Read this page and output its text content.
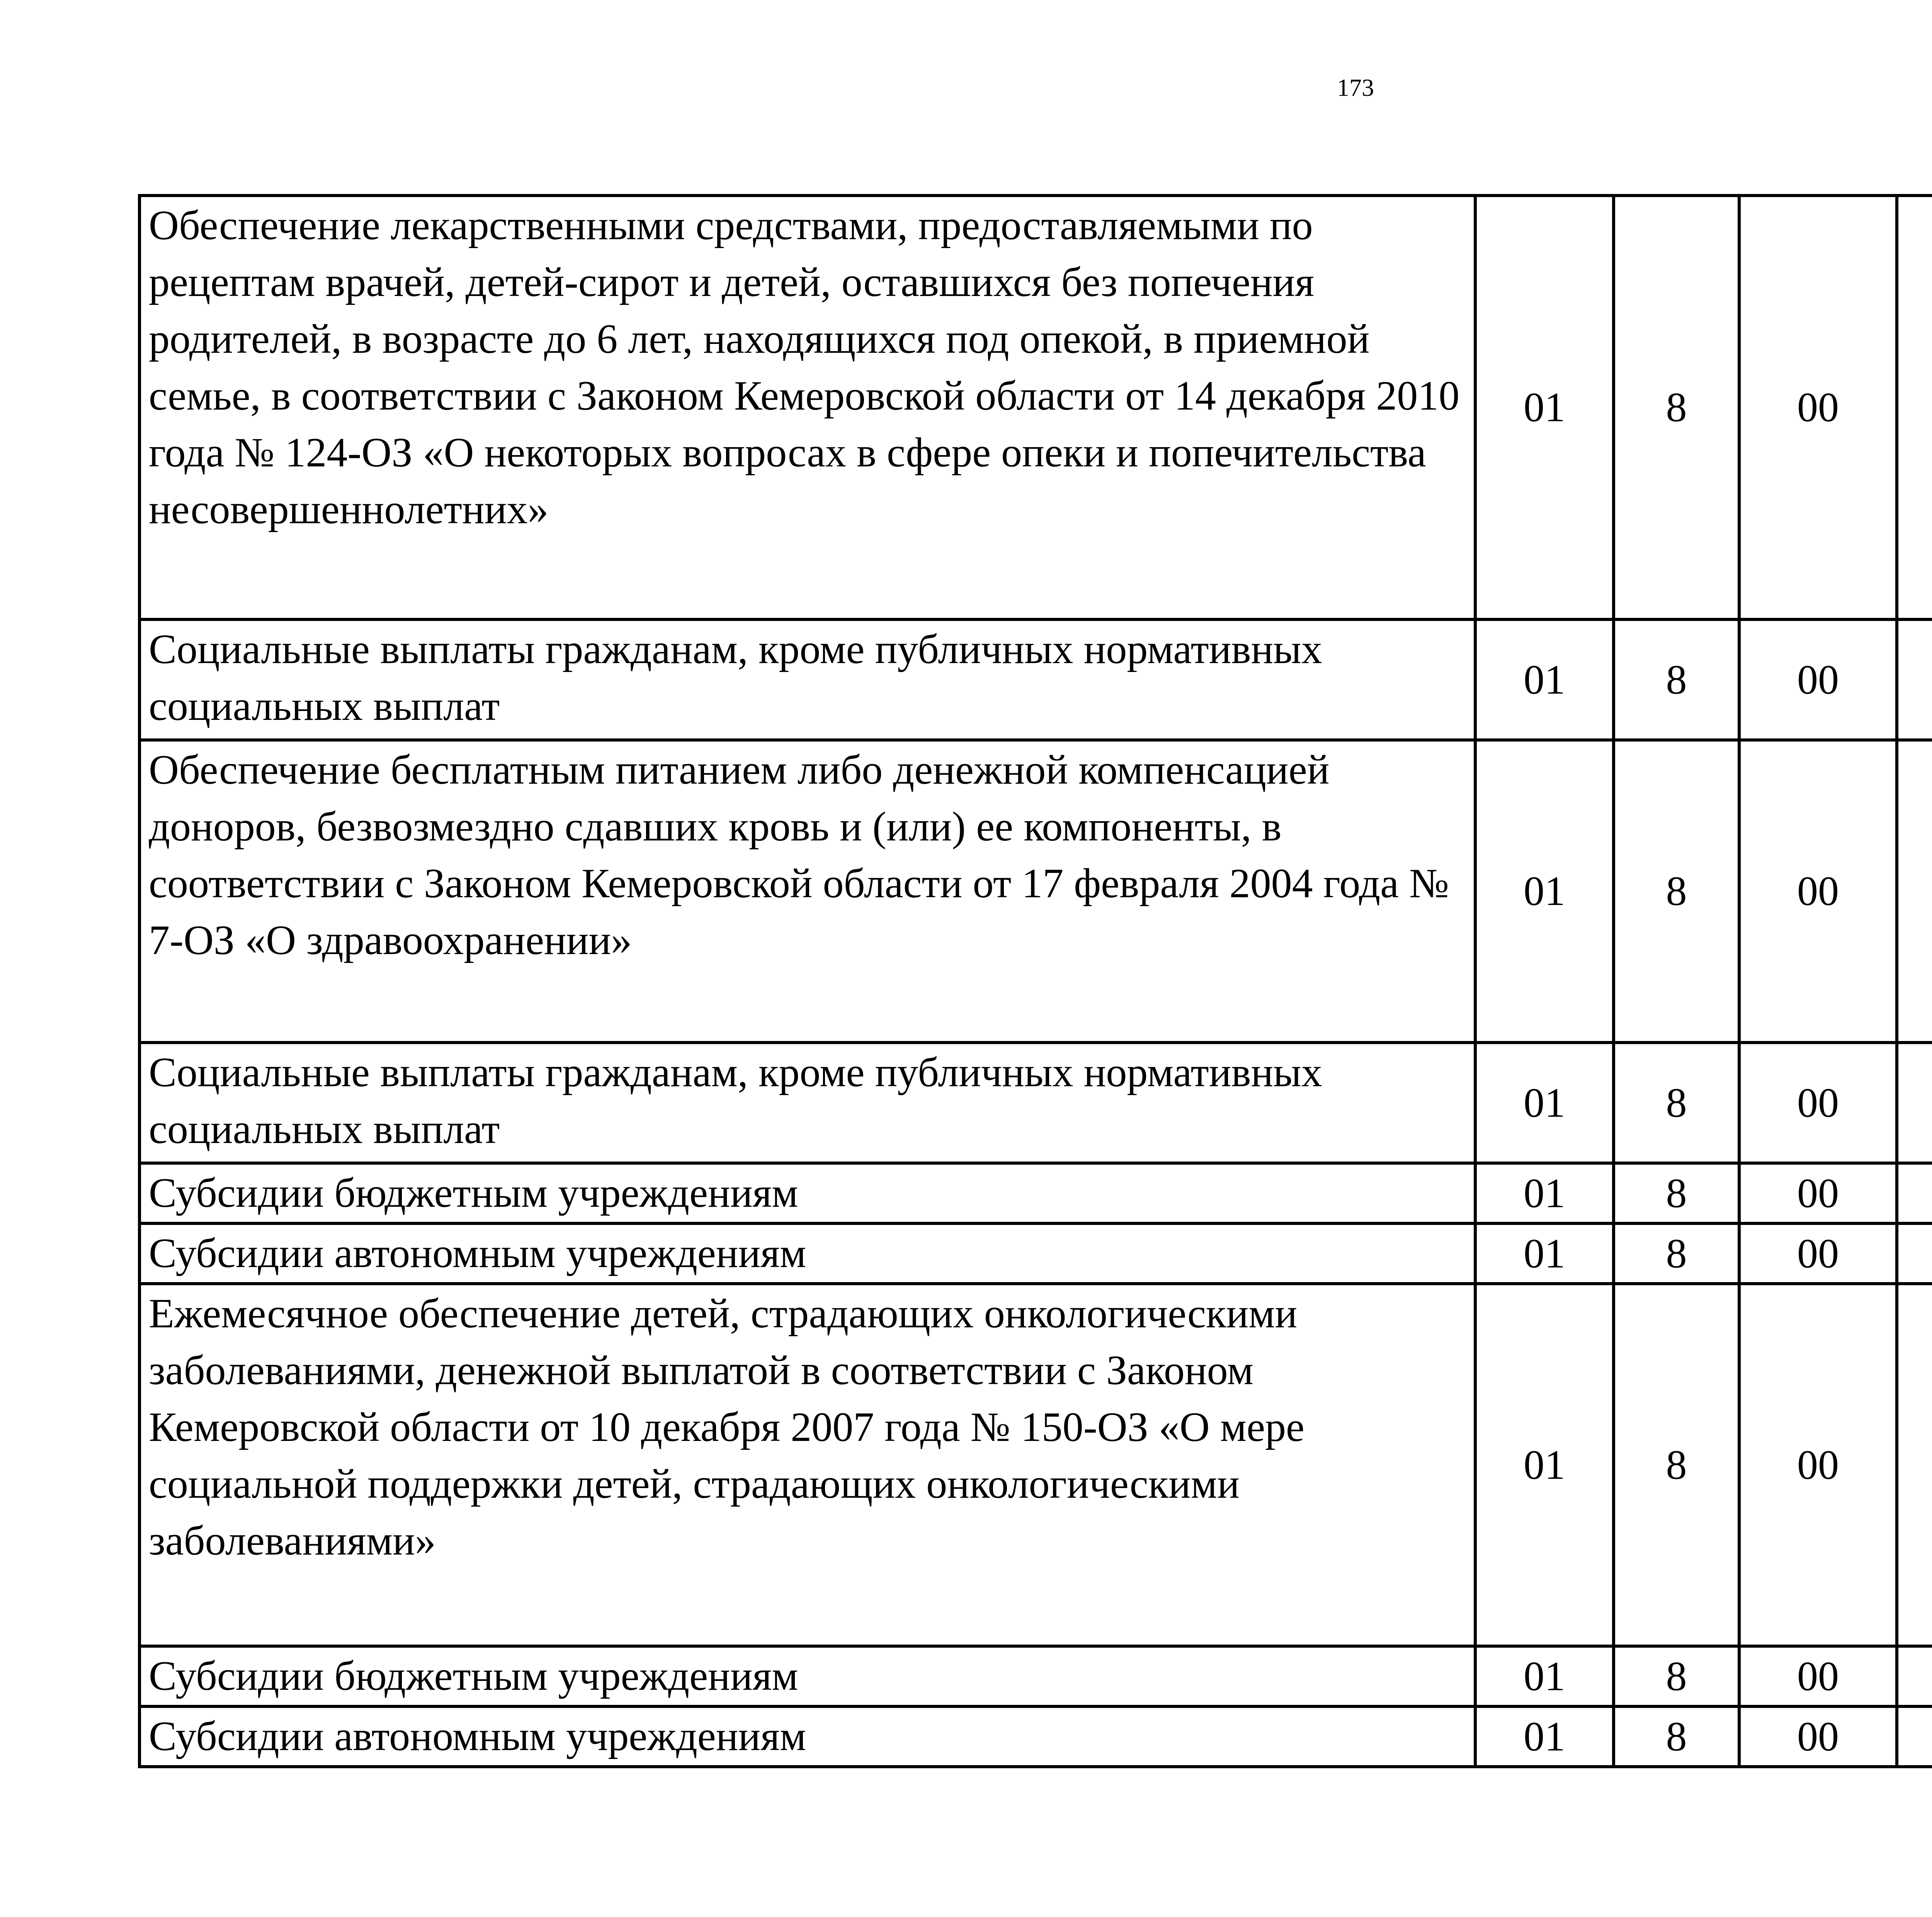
173
Обеспечение лекарственными средствами, предоставляемыми по рецептам врачей, детей-сирот и детей, оставшихся без попечения родителей, в возрасте до 6 лет, находящихся под опекой, в приемной семье, в соответствии с Законом Кемеровской области от 14 декабря 2010 года № 124-ОЗ «О некоторых вопросах в сфере опеки и попечительства несовершеннолетних»	01	8	00			
Социальные выплаты гражданам, кроме публичных нормативных социальных выплат	01	8	00			
Обеспечение бесплатным питанием либо денежной компенсацией доноров, безвозмездно сдавших кровь и (или) ее компоненты, в соответствии с Законом Кемеровской области от 17 февраля 2004 года № 7-ОЗ «О здравоохранении»	01	8	00			
Социальные выплаты гражданам, кроме публичных нормативных социальных выплат	01	8	00			
Субсидии бюджетным учреждениям	01	8	00			
Субсидии автономным учреждениям	01	8	00			
Ежемесячное обеспечение детей, страдающих онкологическими заболеваниями, денежной выплатой в соответствии с Законом Кемеровской области от 10 декабря 2007 года № 150-ОЗ «О мере социальной поддержки детей, страдающих онкологическими заболеваниями»	01	8	00			
Субсидии бюджетным учреждениям	01	8	00			
Субсидии автономным учреждениям	01	8	00			
